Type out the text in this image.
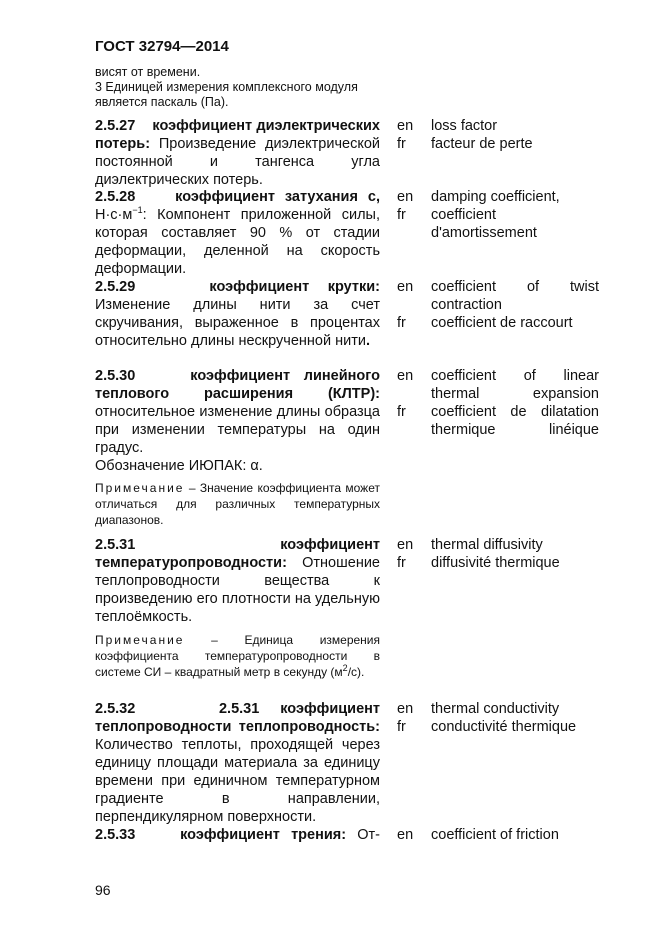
ГОСТ 32794—2014
висят от времени.
3 Единицей измерения комплексного модуля
является паскаль (Па).
2.5.27 коэффициент диэлектрических потерь: Произведение диэлектрической постоянной и тангенса угла диэлектрических потерь.
en loss factor
fr facteur de perte
2.5.28	коэффициент затухания c, $Н\cdot с\cdot м^{-1}$: Компонент приложенной силы, которая составляет 90 % от стадии деформации, деленной на скорость деформации.
en damping coefficient,
fr coefficient d'amortissement
2.5.29	коэффициент крутки: Изменение длины нити за счет скручивания, выраженное в процентах относительно длины нескрученной нити.
en coefficient of twist contraction
fr coefficient de raccourt
2.5.30	коэффициент линейного теплового расширения (КЛТР): относительное изменение длины образца при изменении температуры на один градус.
Обозначение ИЮПАК: α.
Примечание – Значение коэффициента может отличаться для различных температурных диапазонов.
en coefficient of linear thermal expansion
fr coefficient de dilatation thermique linéique
2.5.31	коэффициент температуропроводности: Отношение теплопроводности вещества к произведению его плотности на удельную теплоёмкость.
Примечание – Единица измерения коэффициента температуропроводности в системе СИ – квадратный метр в секунду $(м^2/с)$.
en thermal diffusivity
fr diffusivité thermique
2.5.32	2.5.31 коэффициент теплопроводности теплопроводность: Количество теплоты, проходящей через единицу площади материала за единицу времени при единичном температурном градиенте в направлении, перпендикулярном поверхности.
en thermal conductivity
fr conductivité thermique
2.5.33	коэффициент трения: От- en coefficient of friction
96
